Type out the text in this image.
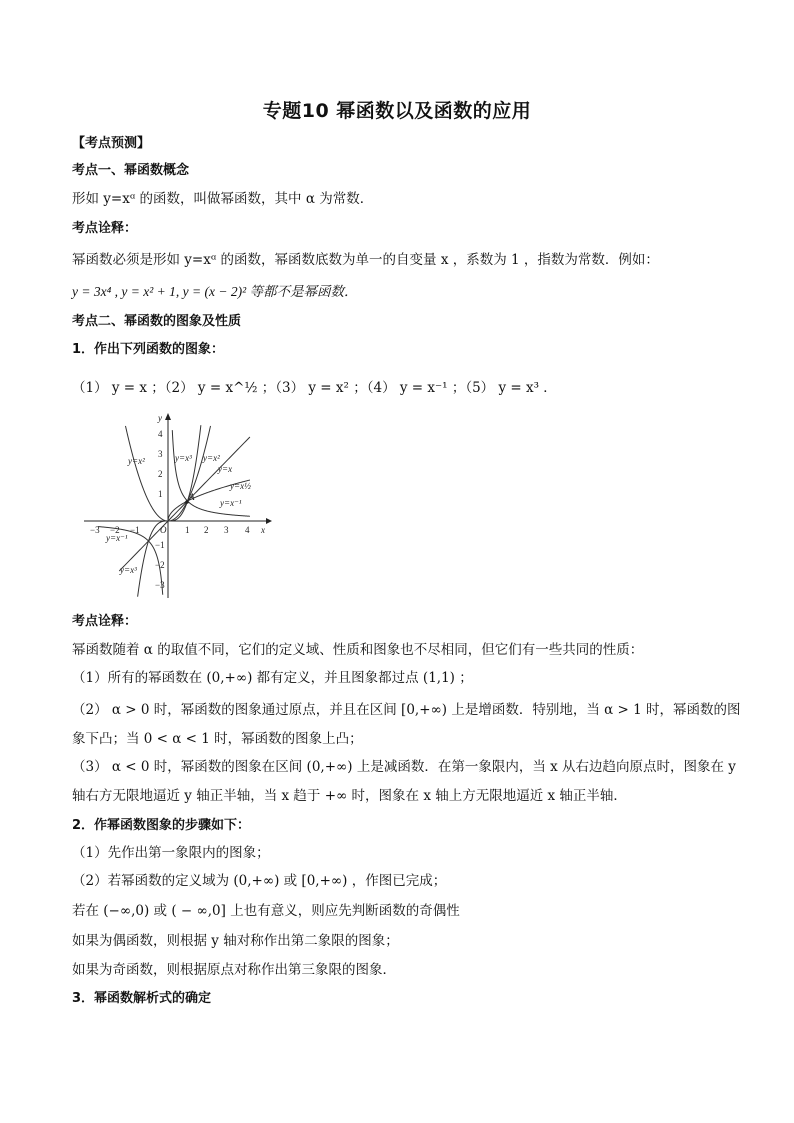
专题10 幂函数以及函数的应用
【考点预测】
考点一、幂函数概念
形如 y=xᵅ 的函数，叫做幂函数，其中 α 为常数．
考点诠释：
幂函数必须是形如 y=xᵅ 的函数，幂函数底数为单一的自变量 x ，系数为 1 ，指数为常数．例如：
y = 3x⁴ , y = x² + 1, y = (x − 2)² 等都不是幂函数．
考点二、幂函数的图象及性质
1．作出下列函数的图象：
（1） y = x ；（2） y = x^½ ；（3） y = x² ；（4） y = x⁻¹ ；（5） y = x³ ．
−3 −2 −1 O 1 2 3 4 x
4
3
2
1
−1
−2
−3
y
y=x²	y=x³ y=x²
y=x
y=x½
y=x⁻¹
y=x⁻¹
y=x³
A
考点诠释：
幂函数随着 α 的取值不同，它们的定义域、性质和图象也不尽相同，但它们有一些共同的性质：
（1）所有的幂函数在 (0,+∞) 都有定义，并且图象都过点 (1,1) ；
（2） α > 0 时，幂函数的图象通过原点，并且在区间 [0,+∞) 上是增函数．特别地，当 α > 1 时，幂函数的图
象下凸；当 0 < α < 1 时，幂函数的图象上凸；
（3） α < 0 时，幂函数的图象在区间 (0,+∞) 上是减函数．在第一象限内，当 x 从右边趋向原点时，图象在 y
轴右方无限地逼近 y 轴正半轴，当 x 趋于 +∞ 时，图象在 x 轴上方无限地逼近 x 轴正半轴．
2．作幂函数图象的步骤如下：
（1）先作出第一象限内的图象；
（2）若幂函数的定义域为 (0,+∞) 或 [0,+∞) ，作图已完成；
若在 (−∞,0) 或 ( − ∞,0] 上也有意义，则应先判断函数的奇偶性
如果为偶函数，则根据 y 轴对称作出第二象限的图象；
如果为奇函数，则根据原点对称作出第三象限的图象．
3．幂函数解析式的确定
